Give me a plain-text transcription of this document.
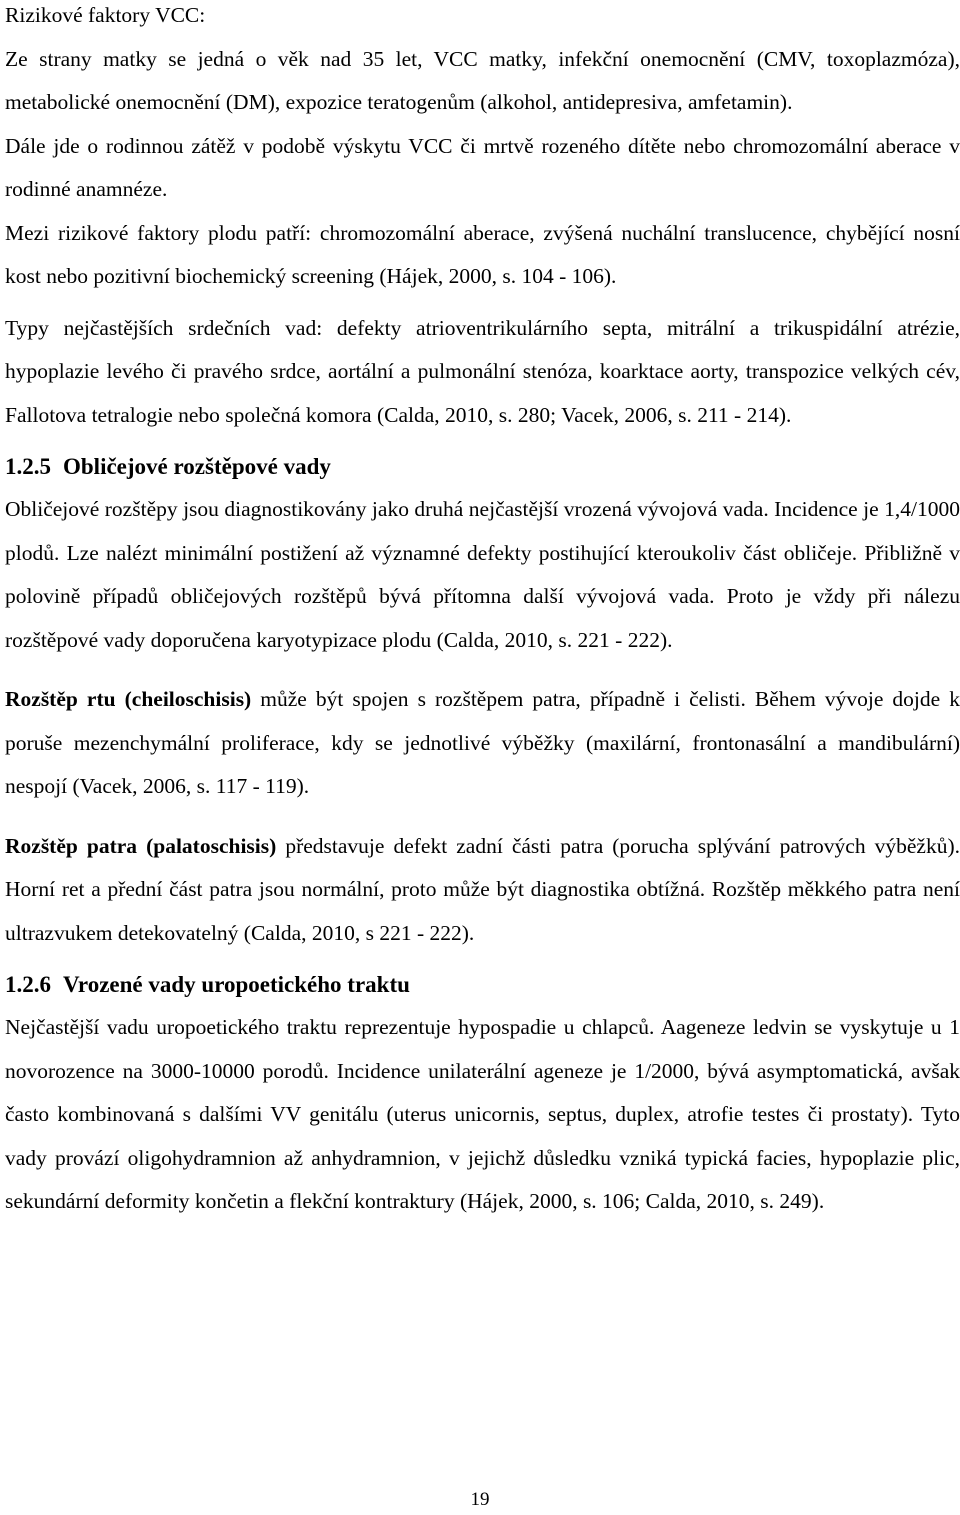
Rizikové faktory VCC:

Ze strany matky se jedná o věk nad 35 let, VCC matky, infekční onemocnění (CMV, toxoplazmóza), metabolické onemocnění (DM), expozice teratogenům (alkohol, antidepresiva, amfetamin).

Dále jde o rodinnou zátěž v podobě výskytu VCC či mrtvě rozeného dítěte nebo chromozomální aberace v rodinné anamnéze.

Mezi rizikové faktory plodu patří: chromozomální aberace, zvýšená nuchální translucence, chybějící nosní kost nebo pozitivní biochemický screening (Hájek, 2000, s. 104 - 106).

Typy nejčastějších srdečních vad: defekty atrioventrikulárního septa, mitrální a trikuspidální atrézie, hypoplazie levého či pravého srdce, aortální a pulmonální stenóza, koarktace aorty, transpozice velkých cév, Fallotova tetralogie nebo společná komora (Calda, 2010, s. 280; Vacek, 2006, s. 211 - 214).

1.2.5 Obličejové rozštěpové vady

Obličejové rozštěpy jsou diagnostikovány jako druhá nejčastější vrozená vývojová vada. Incidence je 1,4/1000 plodů. Lze nalézt minimální postižení až významné defekty postihující kteroukoliv část obličeje. Přibližně v polovině případů obličejových rozštěpů bývá přítomna další vývojová vada. Proto je vždy při nálezu rozštěpové vady doporučena karyotypizace plodu (Calda, 2010, s. 221 - 222).

Rozštěp rtu (cheiloschisis) může být spojen s rozštěpem patra, případně i čelisti. Během vývoje dojde k poruše mezenchymální proliferace, kdy se jednotlivé výběžky (maxilární, frontonasální a mandibulární) nespojí (Vacek, 2006, s. 117 - 119).

Rozštěp patra (palatoschisis) představuje defekt zadní části patra (porucha splývání patrových výběžků). Horní ret a přední část patra jsou normální, proto může být diagnostika obtížná. Rozštěp měkkého patra není ultrazvukem detekovatelný (Calda, 2010, s 221 - 222).

1.2.6 Vrozené vady uropoetického traktu

Nejčastější vadu uropoetického traktu reprezentuje hypospadie u chlapců. Aageneze ledvin se vyskytuje u 1 novorozence na 3000-10000 porodů. Incidence unilaterální ageneze je 1/2000, bývá asymptomatická, avšak často kombinovaná s dalšími VV genitálu (uterus unicornis, septus, duplex, atrofie testes či prostaty). Tyto vady provází oligohydramnion až anhydramnion, v jejichž důsledku vzniká typická facies, hypoplazie plic, sekundární deformity končetin a flekční kontraktury (Hájek, 2000, s. 106; Calda, 2010, s. 249).

19
